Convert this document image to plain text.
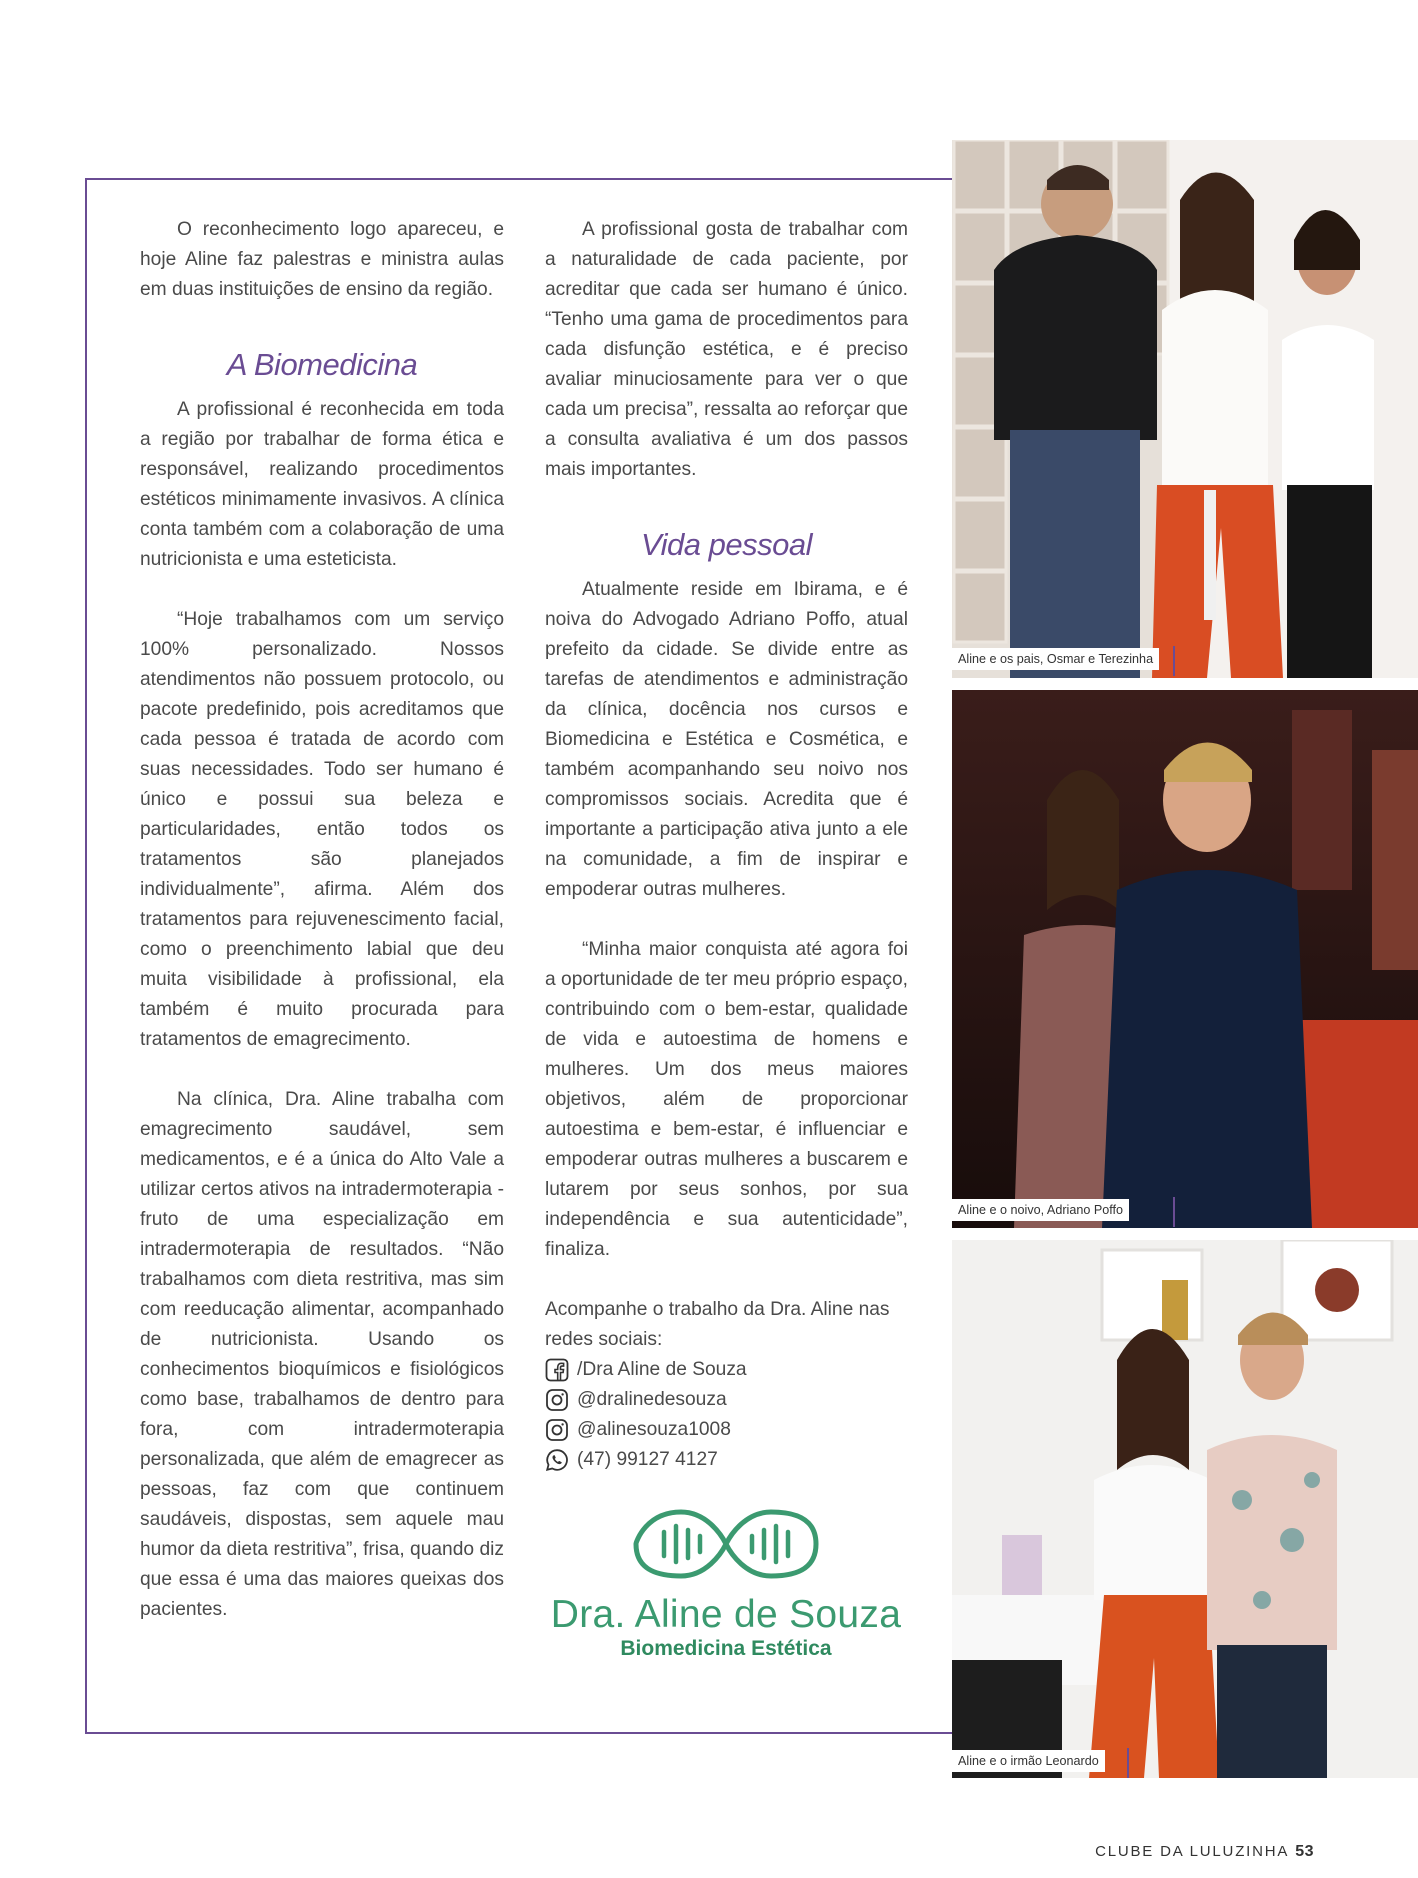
O reconhecimento logo apareceu, e hoje Aline faz palestras e ministra aulas em duas instituições de ensino da região.

A Biomedicina

A profissional é reconhecida em toda a região por trabalhar de forma ética e responsável, realizando procedimentos estéticos minimamente invasivos. A clínica conta também com a colaboração de uma nutricionista e uma esteticista.

“Hoje trabalhamos com um serviço 100% personalizado. Nossos atendimentos não possuem protocolo, ou pacote predefinido, pois acreditamos que cada pessoa é tratada de acordo com suas necessidades. Todo ser humano é único e possui sua beleza e particularidades, então todos os tratamentos são planejados individualmente”, afirma. Além dos tratamentos para rejuvenescimento facial, como o preenchimento labial que deu muita visibilidade à profissional, ela também é muito procurada para tratamentos de emagrecimento.

Na clínica, Dra. Aline trabalha com emagrecimento saudável, sem medicamentos, e é a única do Alto Vale a utilizar certos ativos na intradermoterapia - fruto de uma especialização em intradermoterapia de resultados. “Não trabalhamos com dieta restritiva, mas sim com reeducação alimentar, acompanhado de nutricionista. Usando os conhecimentos bioquímicos e fisiológicos como base, trabalhamos de dentro para fora, com intradermoterapia personalizada, que além de emagrecer as pessoas, faz com que continuem saudáveis, dispostas, sem aquele mau humor da dieta restritiva”, frisa, quando diz que essa é uma das maiores queixas dos pacientes.

A profissional gosta de trabalhar com a naturalidade de cada paciente, por acreditar que cada ser humano é único. “Tenho uma gama de procedimentos para cada disfunção estética, e é preciso avaliar minuciosamente para ver o que cada um precisa”, ressalta ao reforçar que a consulta avaliativa é um dos passos mais importantes.

Vida pessoal

Atualmente reside em Ibirama, e é noiva do Advogado Adriano Poffo, atual prefeito da cidade. Se divide entre as tarefas de atendimentos e administração da clínica, docência nos cursos e Biomedicina e Estética e Cosmética, e também acompanhando seu noivo nos compromissos sociais. Acredita que é importante a participação ativa junto a ele na comunidade, a fim de inspirar e empoderar outras mulheres.

“Minha maior conquista até agora foi a oportunidade de ter meu próprio espaço, contribuindo com o bem-estar, qualidade de vida e autoestima de homens e mulheres. Um dos meus maiores objetivos, além de proporcionar autoestima e bem-estar, é influenciar e empoderar outras mulheres a buscarem e lutarem por seus sonhos, por sua independência e sua autenticidade”, finaliza.

Acompanhe o trabalho da Dra. Aline nas redes sociais:

/Dra Aline de Souza
@dralinedesouza
@alinesouza1008
(47) 99127 4127
Dra. Aline de Souza
Biomedicina Estética
Aline e os pais, Osmar e Terezinha
Aline e o noivo, Adriano Poffo
Aline e o irmão Leonardo
CLUBE DA LULUZINHA 53
